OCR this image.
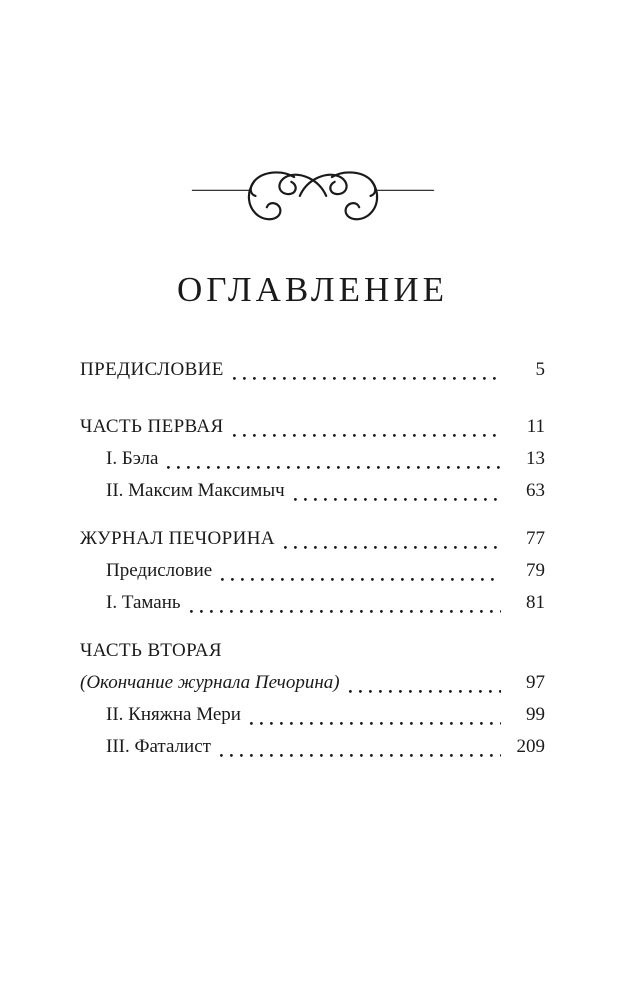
ОГЛАВЛЕНИЕ
ПРЕДИСЛОВИЕ	5
ЧАСТЬ ПЕРВАЯ	11
I. Бэла	13
II. Максим Максимыч	63
ЖУРНАЛ ПЕЧОРИНА	77
Предисловие	79
I. Тамань	81
ЧАСТЬ ВТОРАЯ
(Окончание журнала Печорина)	97
II. Княжна Мери	99
III. Фаталист	209
